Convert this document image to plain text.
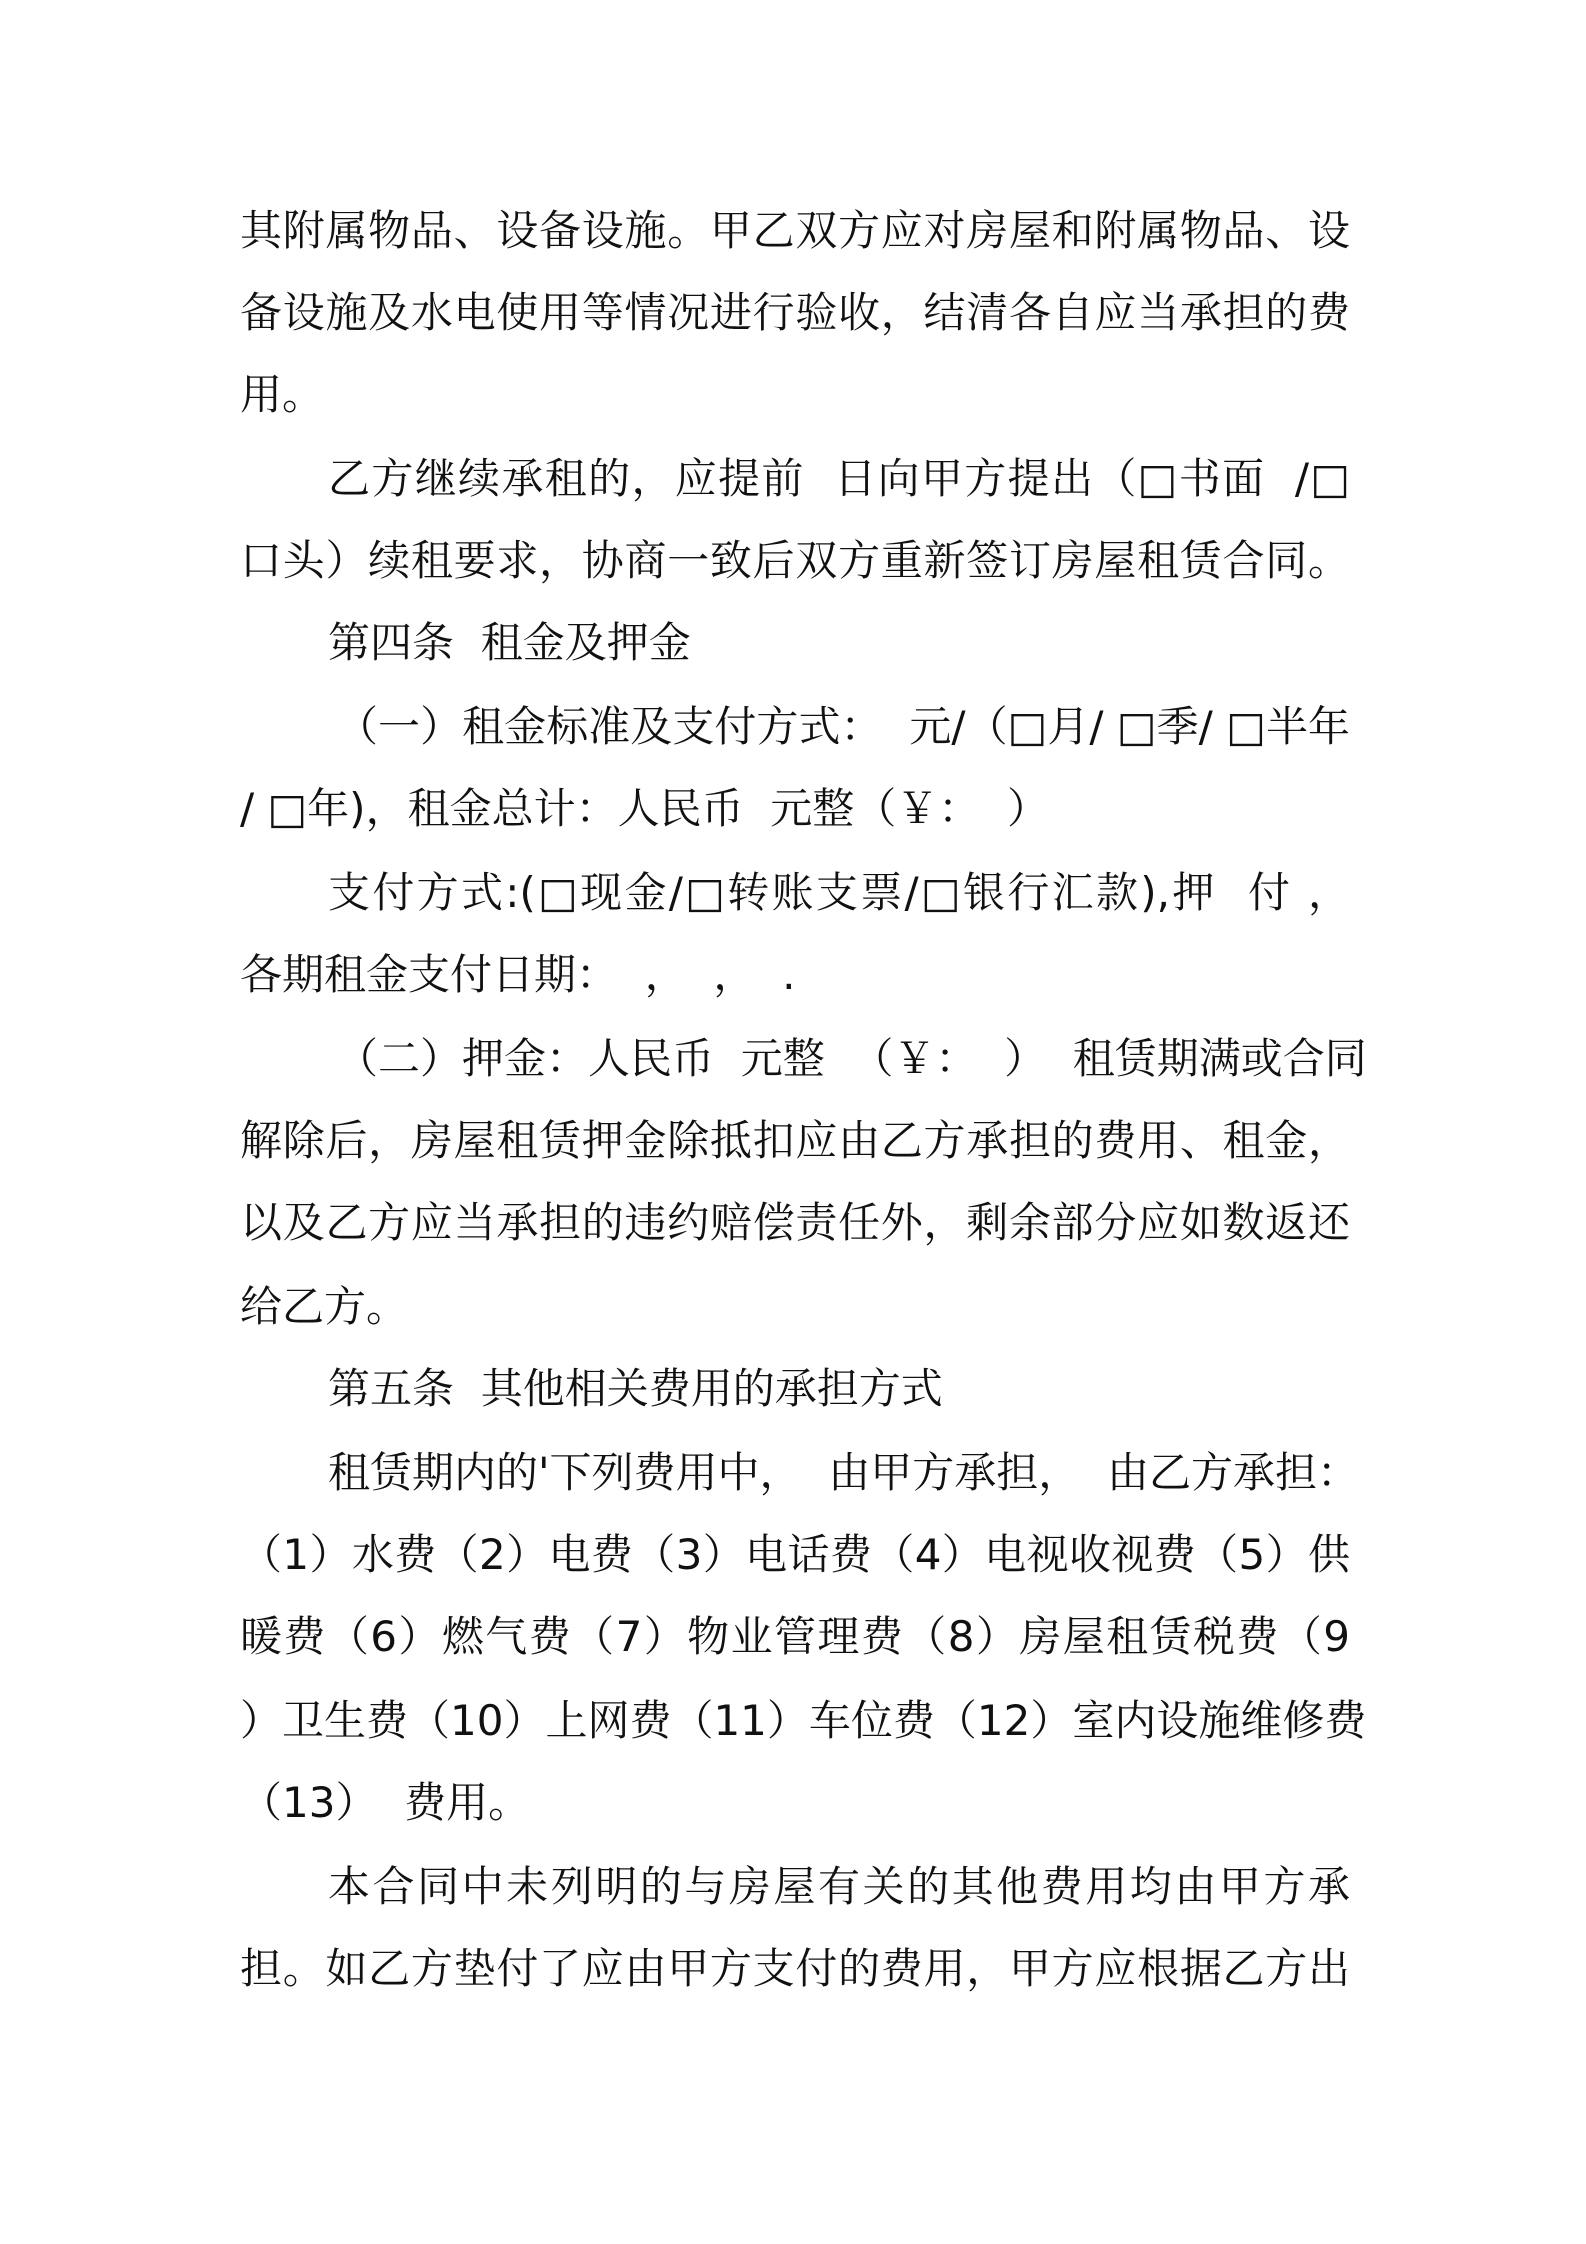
其附属物品、设备设施。甲乙双方应对房屋和附属物品、设
备设施及水电使用等情况进行验收，结清各自应当承担的费
用。
乙方继续承租的，应提前  日向甲方提出（□书面  /□
口头）续租要求，协商一致后双方重新签订房屋租赁合同。
第四条  租金及押金
（一）租金标准及支付方式：  元/（□月/ □季/ □半年
/ □年)，租金总计：人民币  元整（￥：  ）
支付方式:(□现金/□转账支票/□银行汇款),押  付 ，
各期租金支付日期：  ，  ，  .
（二）押金：人民币  元整  （￥：  ）  租赁期满或合同
解除后，房屋租赁押金除抵扣应由乙方承担的费用、租金，
以及乙方应当承担的违约赔偿责任外，剩余部分应如数返还
给乙方。
第五条  其他相关费用的承担方式
租赁期内的'下列费用中，  由甲方承担，  由乙方承担：
（1）水费（2）电费（3）电话费（4）电视收视费（5）供
暖费（6）燃气费（7）物业管理费（8）房屋租赁税费（9
）卫生费（10）上网费（11）车位费（12）室内设施维修费
（13）  费用。
本合同中未列明的与房屋有关的其他费用均由甲方承
担。如乙方垫付了应由甲方支付的费用，甲方应根据乙方出
